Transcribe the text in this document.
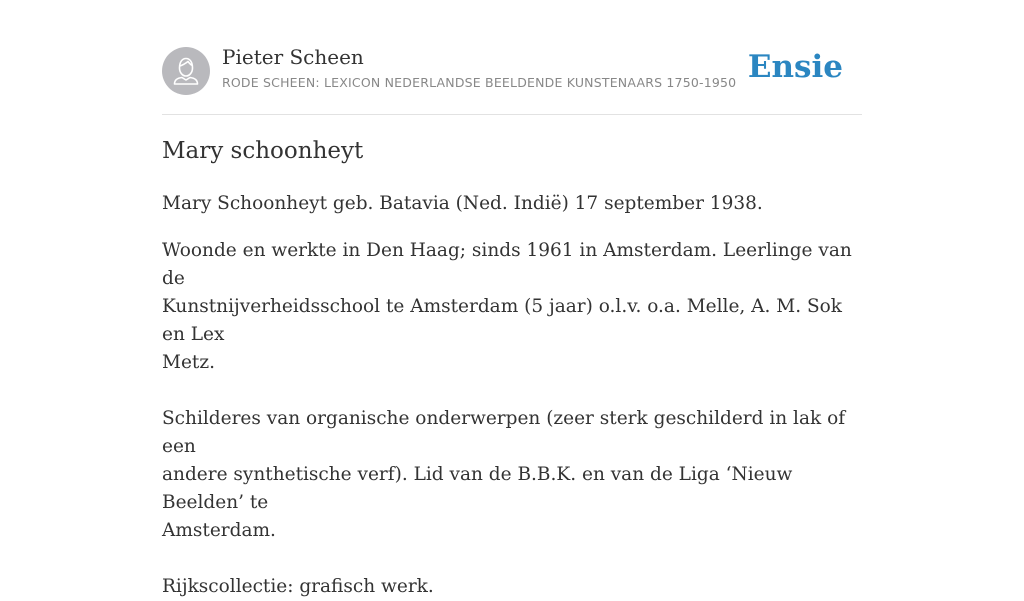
Pieter Scheen
RODE SCHEEN: LEXICON NEDERLANDSE BEELDENDE KUNSTENAARS 1750-1950 Ensie
Mary schoonheyt

Mary Schoonheyt geb. Batavia (Ned. Indië) 17 september 1938.

Woonde en werkte in Den Haag; sinds 1961 in Amsterdam. Leerlinge van de
Kunstnijverheidsschool te Amsterdam (5 jaar) o.l.v. o.a. Melle, A. M. Sok en Lex
Metz.
Schilderes van organische onderwerpen (zeer sterk geschilderd in lak of een
andere synthetische verf). Lid van de B.B.K. en van de Liga ‘Nieuw Beelden’ te
Amsterdam.
Rijkscollectie: grafisch werk.
